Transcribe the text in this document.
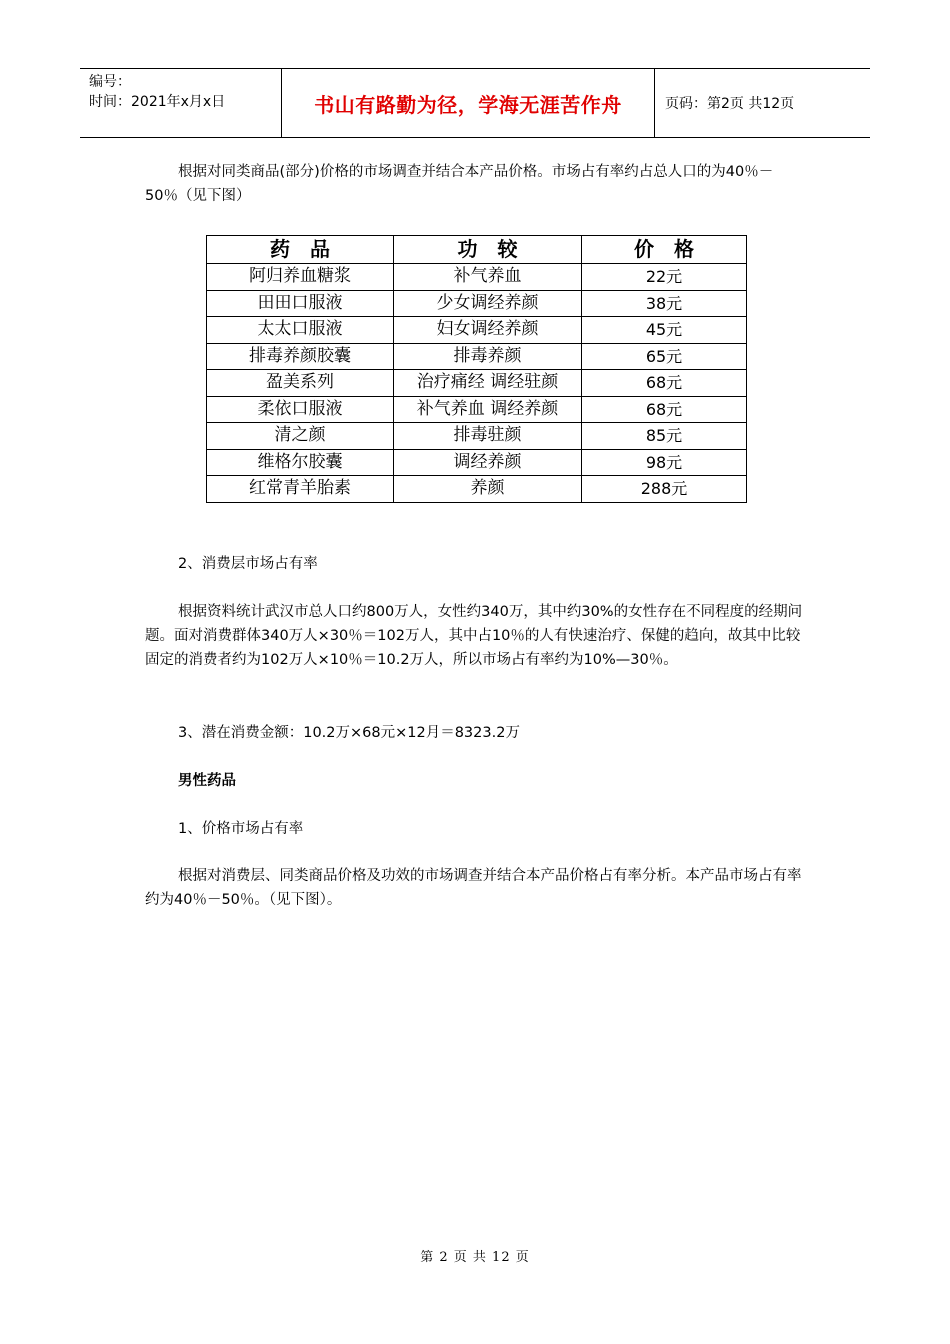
编号：
时间：2021年x月x日	书山有路勤为径，学海无涯苦作舟	页码：第2页 共12页
根据对同类商品(部分)价格的市场调查并结合本产品价格。市场占有率约占总人口的为40％－50％（见下图）
药　品	功　较	价　格
阿归养血糖浆	补气养血	22元
田田口服液	少女调经养颜	38元
太太口服液	妇女调经养颜	45元
排毒养颜胶囊	排毒养颜	65元
盈美系列	治疗痛经 调经驻颜	68元
柔依口服液	补气养血 调经养颜	68元
清之颜	排毒驻颜	85元
维格尔胶囊	调经养颜	98元
红常青羊胎素	养颜	288元
2、消费层市场占有率
根据资料统计武汉市总人口约800万人，女性约340万，其中约30%的女性存在不同程度的经期问题。面对消费群体340万人×30％＝102万人，其中占10％的人有快速治疗、保健的趋向，故其中比较固定的消费者约为102万人×10％＝10.2万人，所以市场占有率约为10%—30％。
3、潜在消费金额：10.2万×68元×12月＝8323.2万
男性药品
1、价格市场占有率
根据对消费层、同类商品价格及功效的市场调查并结合本产品价格占有率分析。本产品市场占有率约为40％－50％。（见下图）。
第 2 页 共 12 页
